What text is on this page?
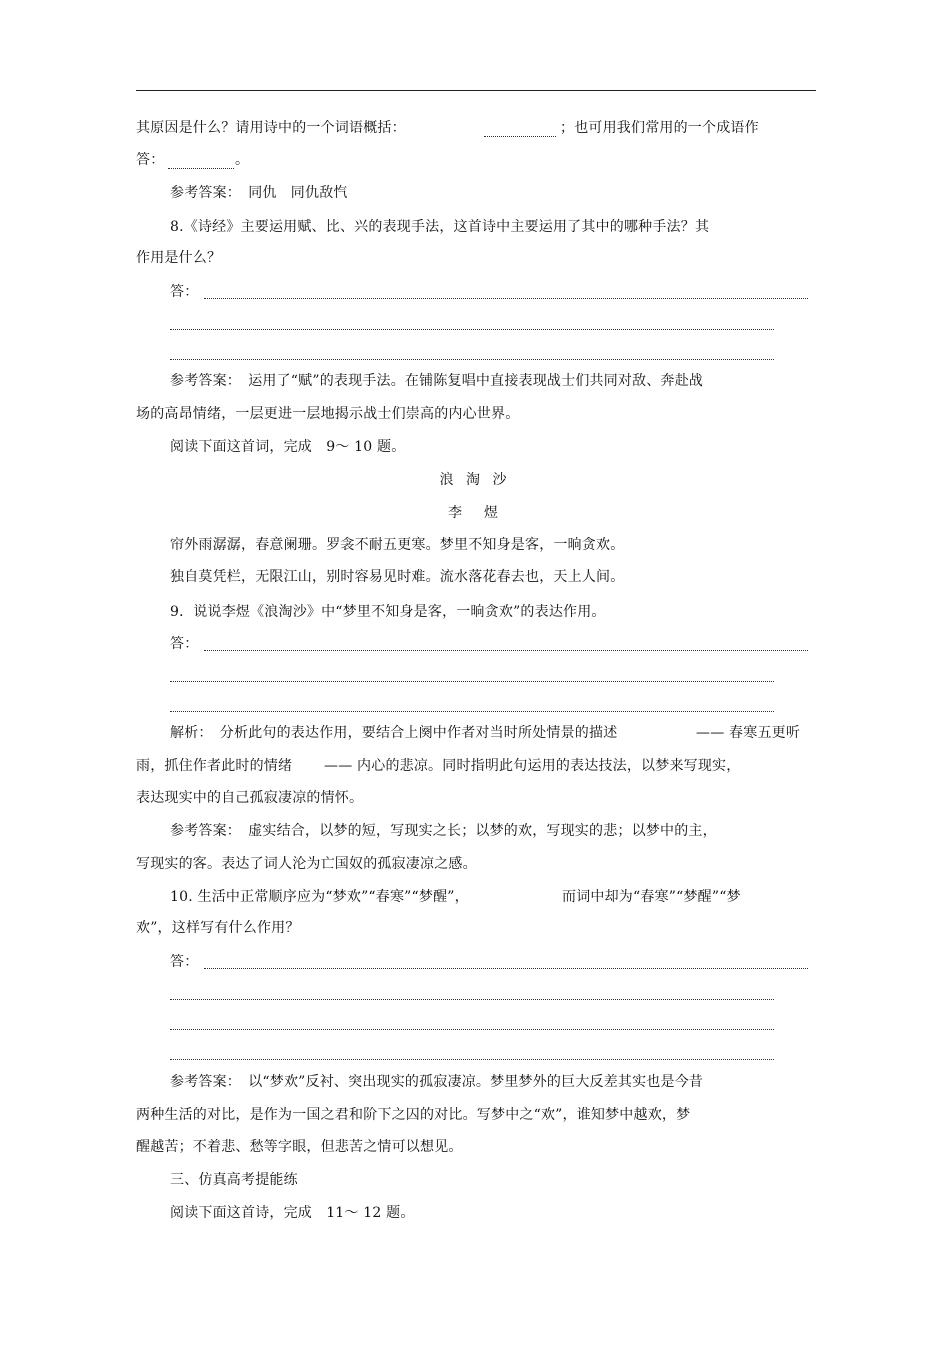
其原因是什么？请用诗中的一个词语概括：	；也可用我们常用的一个成语作
答：	。
参考答案：　同仇　同仇敌忾
8.《诗经》主要运用赋、比、兴的表现手法，这首诗中主要运用了其中的哪种手法？其
作用是什么？
答：
参考答案：　运用了“赋”的表现手法。在铺陈复唱中直接表现战士们共同对敌、奔赴战
场的高昂情绪，一层更进一层地揭示战士们崇高的内心世界。
阅读下面这首词，完成　9～ 10 题。
浪 淘 沙
李　煜
帘外雨潺潺，春意阑珊。罗衾不耐五更寒。梦里不知身是客，一晌贪欢。
独自莫凭栏，无限江山，别时容易见时难。流水落花春去也，天上人间。
9．说说李煜《浪淘沙》中“梦里不知身是客，一晌贪欢”的表达作用。
答：
解析：　分析此句的表达作用，要结合上阕中作者对当时所处情景的描述	—— 春寒五更听
雨，抓住作者此时的情绪 —— 内心的悲凉。同时指明此句运用的表达技法，以梦来写现实，
表达现实中的自己孤寂凄凉的情怀。
参考答案：　虚实结合，以梦的短，写现实之长；以梦的欢，写现实的悲；以梦中的主，
写现实的客。表达了词人沦为亡国奴的孤寂凄凉之感。
10. 生活中正常顺序应为“梦欢”“春寒”“梦醒”，	而词中却为“春寒”“梦醒”“梦
欢”，这样写有什么作用？
答：
参考答案：　以“梦欢”反衬、突出现实的孤寂凄凉。梦里梦外的巨大反差其实也是今昔
两种生活的对比，是作为一国之君和阶下之囚的对比。写梦中之“欢”，谁知梦中越欢，梦
醒越苦；不着悲、愁等字眼，但悲苦之情可以想见。
三、仿真高考提能练
阅读下面这首诗，完成　11～ 12 题。
